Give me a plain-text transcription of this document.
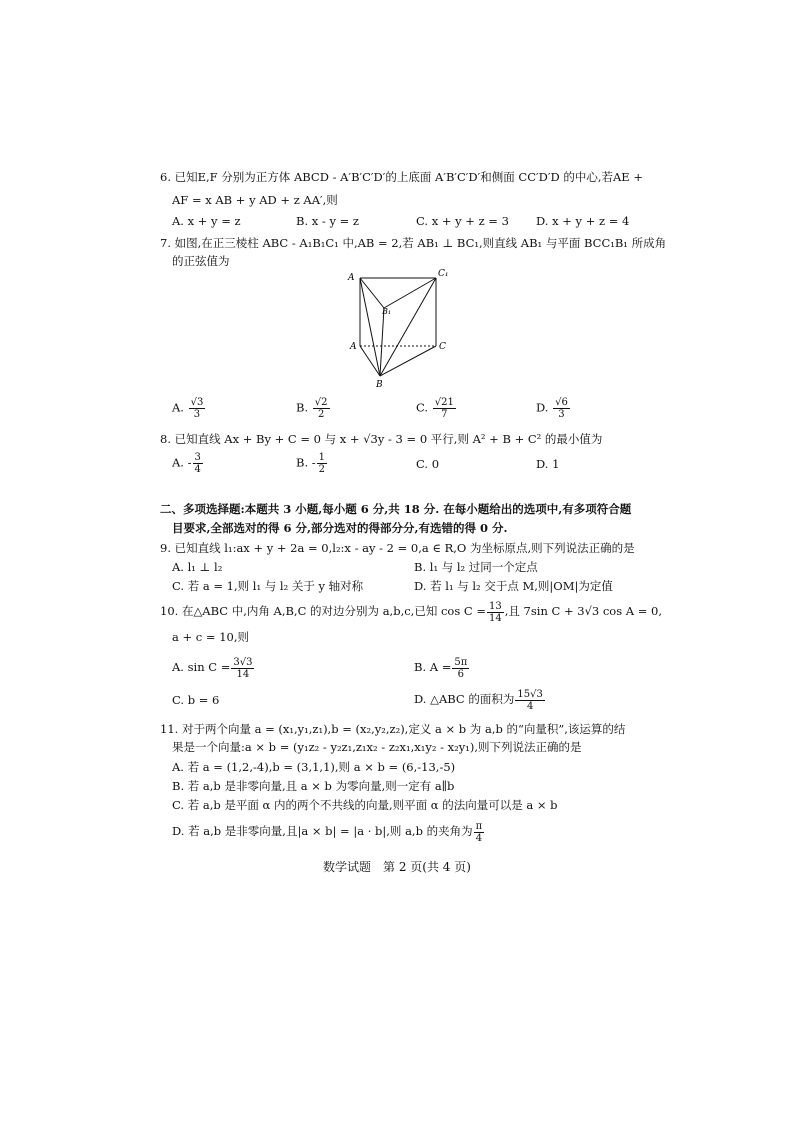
6. 已知E,F 分别为正方体 ABCD - A′B′C′D′的上底面 A′B′C′D′和侧面 CC′D′D 的中心,若AE +
AF = x AB + y AD + z AA′,则
A. x + y = z	B. x - y = z	C. x + y + z = 3 D. x + y + z = 4
7. 如图,在正三棱柱 ABC - A₁B₁C₁ 中,AB = 2,若 AB₁ ⊥ BC₁,则直线 AB₁ 与平面 BCC₁B₁ 所成角
的正弦值为
A	C₁
B₁
A	C
B
A. $\frac{√3}{3}$	B. $\frac{√2}{2}$	C. $\frac{√21}{7}$	D. $\frac{√6}{3}$
8. 已知直线 Ax + By + C = 0 与 x + √3y - 3 = 0 平行,则 A² + B + C² 的最小值为
A. - $\frac{3}{4}$	B. - $\frac{1}{2}$	C. 0	D. 1
二、多项选择题:本题共 3 小题,每小题 6 分,共 18 分. 在每小题给出的选项中,有多项符合题
目要求,全部选对的得 6 分,部分选对的得部分分,有选错的得 0 分.
9. 已知直线 l₁:ax + y + 2a = 0,l₂:x - ay - 2 = 0,a ∈ R,O 为坐标原点,则下列说法正确的是
A. l₁ ⊥ l₂	B. l₁ 与 l₂ 过同一个定点
C. 若 a = 1,则 l₁ 与 l₂ 关于 y 轴对称	D. 若 l₁ 与 l₂ 交于点 M,则|OM|为定值
10. 在△ABC 中,内角 A,B,C 的对边分别为 a,b,c,已知 $\cos C = \frac{13}{14}$ ,且 7sin C + 3√3 cos A = 0,
a + c = 10,则
A. $\sin C = \frac{3√3}{14}$	B. $A = \frac{5\pi}{6}$
C. b = 6	D. △ABC 的面积为 $\frac{15√3}{4}$
11. 对于两个向量 a = (x₁,y₁,z₁),b = (x₂,y₂,z₂),定义 a × b 为 a,b 的“向量积”,该运算的结
果是一个向量:a × b = (y₁z₂ - y₂z₁,z₁x₂ - z₂x₁,x₁y₂ - x₂y₁),则下列说法正确的是
A. 若 a = (1,2,-4),b = (3,1,1),则 a × b = (6,-13,-5)
B. 若 a,b 是非零向量,且 a × b 为零向量,则一定有 a∥b
C. 若 a,b 是平面 α 内的两个不共线的向量,则平面 α 的法向量可以是 a × b
D. 若 a,b 是非零向量,且|a × b| = |a · b|,则 a,b 的夹角为 $\frac{\pi}{4}$
数学试题　第 2 页(共 4 页)
